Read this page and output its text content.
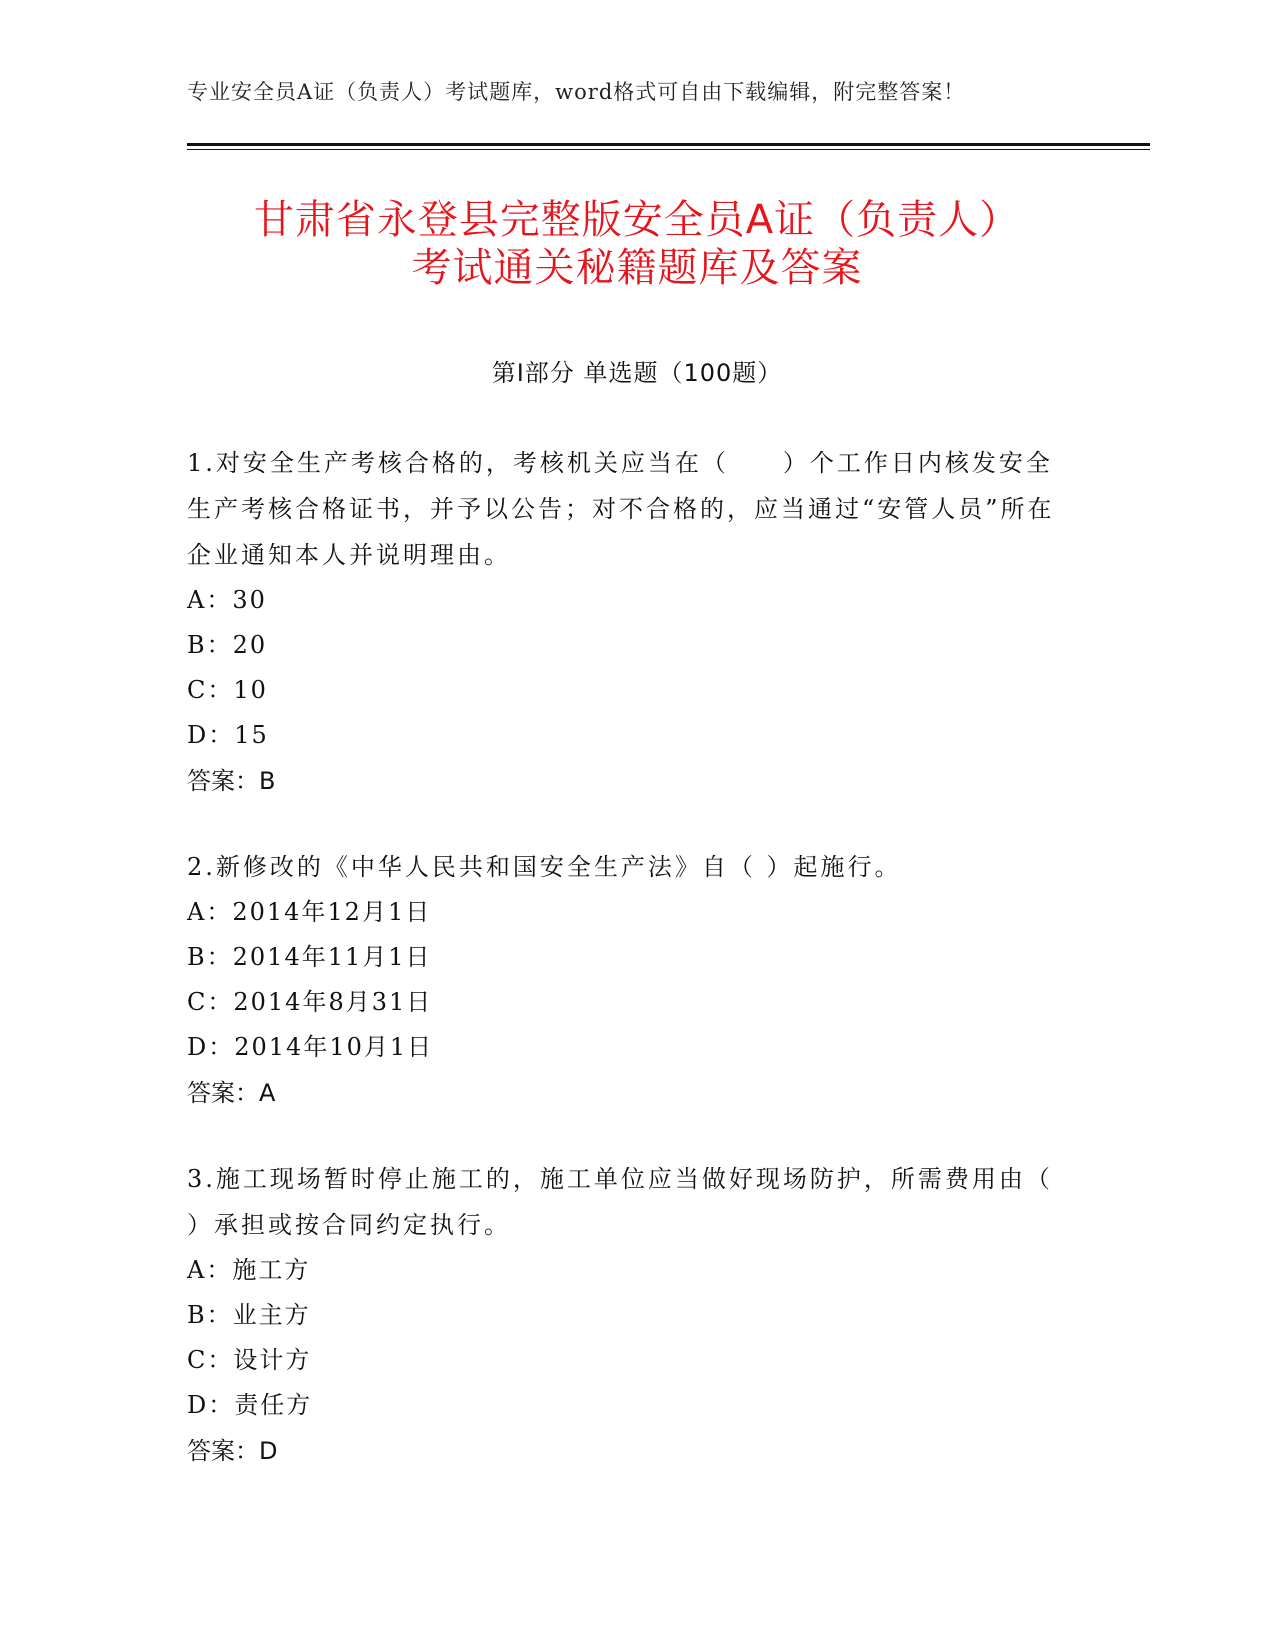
专业安全员A证（负责人）考试题库，word格式可自由下载编辑，附完整答案！
甘肃省永登县完整版安全员A证（负责人）
考试通关秘籍题库及答案
第Ⅰ部分 单选题（100题）
1.对安全生产考核合格的，考核机关应当在（　　）个工作日内核发安全生产考核合格证书，并予以公告；对不合格的，应当通过“安管人员”所在企业通知本人并说明理由。
A：30
B：20
C：10
D：15
答案：B
2.新修改的《中华人民共和国安全生产法》自（ ）起施行。
A：2014年12月1日
B：2014年11月1日
C：2014年8月31日
D：2014年10月1日
答案：A
3.施工现场暂时停止施工的，施工单位应当做好现场防护，所需费用由（ ）承担或按合同约定执行。
A：施工方
B：业主方
C：设计方
D：责任方
答案：D
